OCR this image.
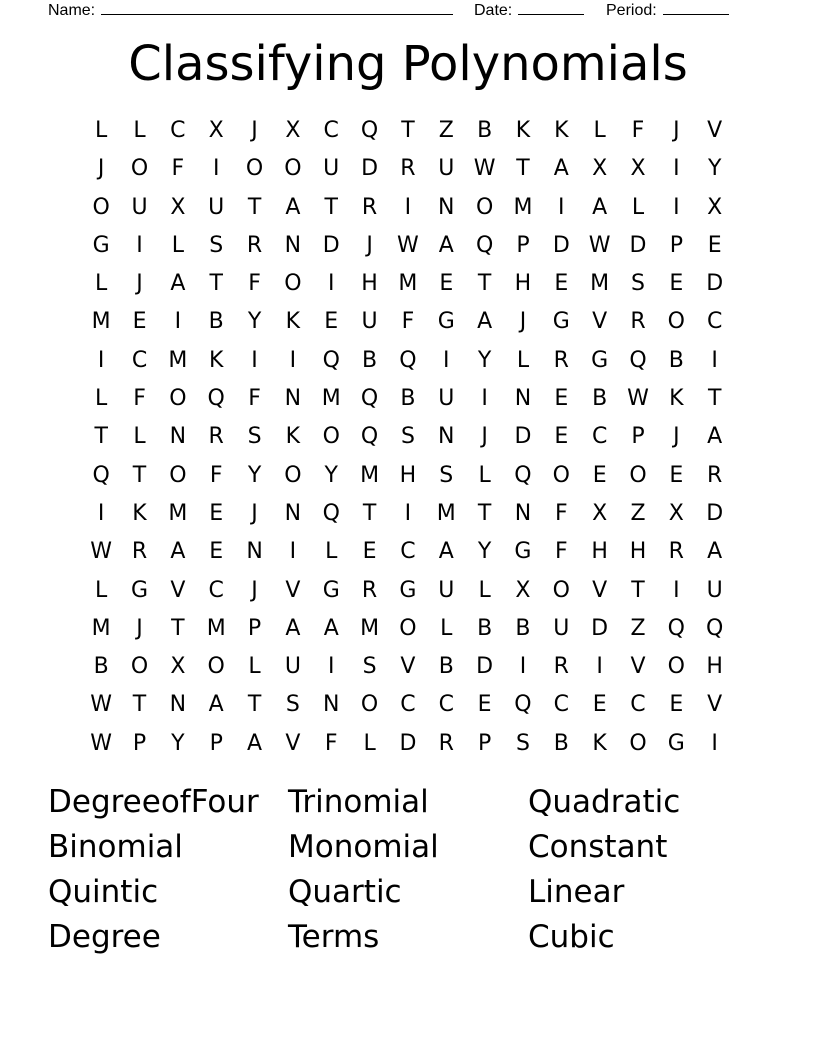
Name:	Date:	Period:
Classifying Polynomials
L	L	C	X	J	X	C Q	T	Z	B	K	K	L	F	J	V
J	O	F	I	O O U D	R	U W T	A	X	X	I	Y
O U	X	U	T	A	T	R	I	N O M	I	A	L	I	X
G	I	L	S	R	N D	J	W A	Q	P	D W D	P	E
L	J	A	T	F	O	I	H M E	T	H	E M S	E	D
M E	I	B	Y	K	E	U	F	G	A	J	G	V	R	O	C
I	C M K	I	I	Q	B	Q	I	Y	L	R	G Q	B	I
L	F	O Q	F	N M Q	B	U	I	N	E	B W K	T
T	L	N	R	S	K	O Q	S	N	J	D	E	C	P	J	A
Q	T	O	F	Y	O	Y	M H	S	L	Q O	E	O	E	R
I	K M E	J	N Q	T	I	M	T	N	F	X	Z	X	D
W R	A	E	N	I	L	E	C	A	Y	G	F	H H	R	A
L	G	V	C	J	V	G	R	G U	L	X	O	V	T	I	U
M	J	T	M	P	A	A M O	L	B	B	U D	Z	Q Q
B	O	X	O	L	U	I	S	V	B	D	I	R	I	V	O H
W T	N	A	T	S	N O	C	C	E	Q	C	E	C	E	V
W P	Y	P	A	V	F	L	D	R	P	S	B	K	O G	I
DegreeofFour Trinomial	Quadratic
Binomial	Monomial	Constant
Quintic	Quartic	Linear
Degree	Terms	Cubic
